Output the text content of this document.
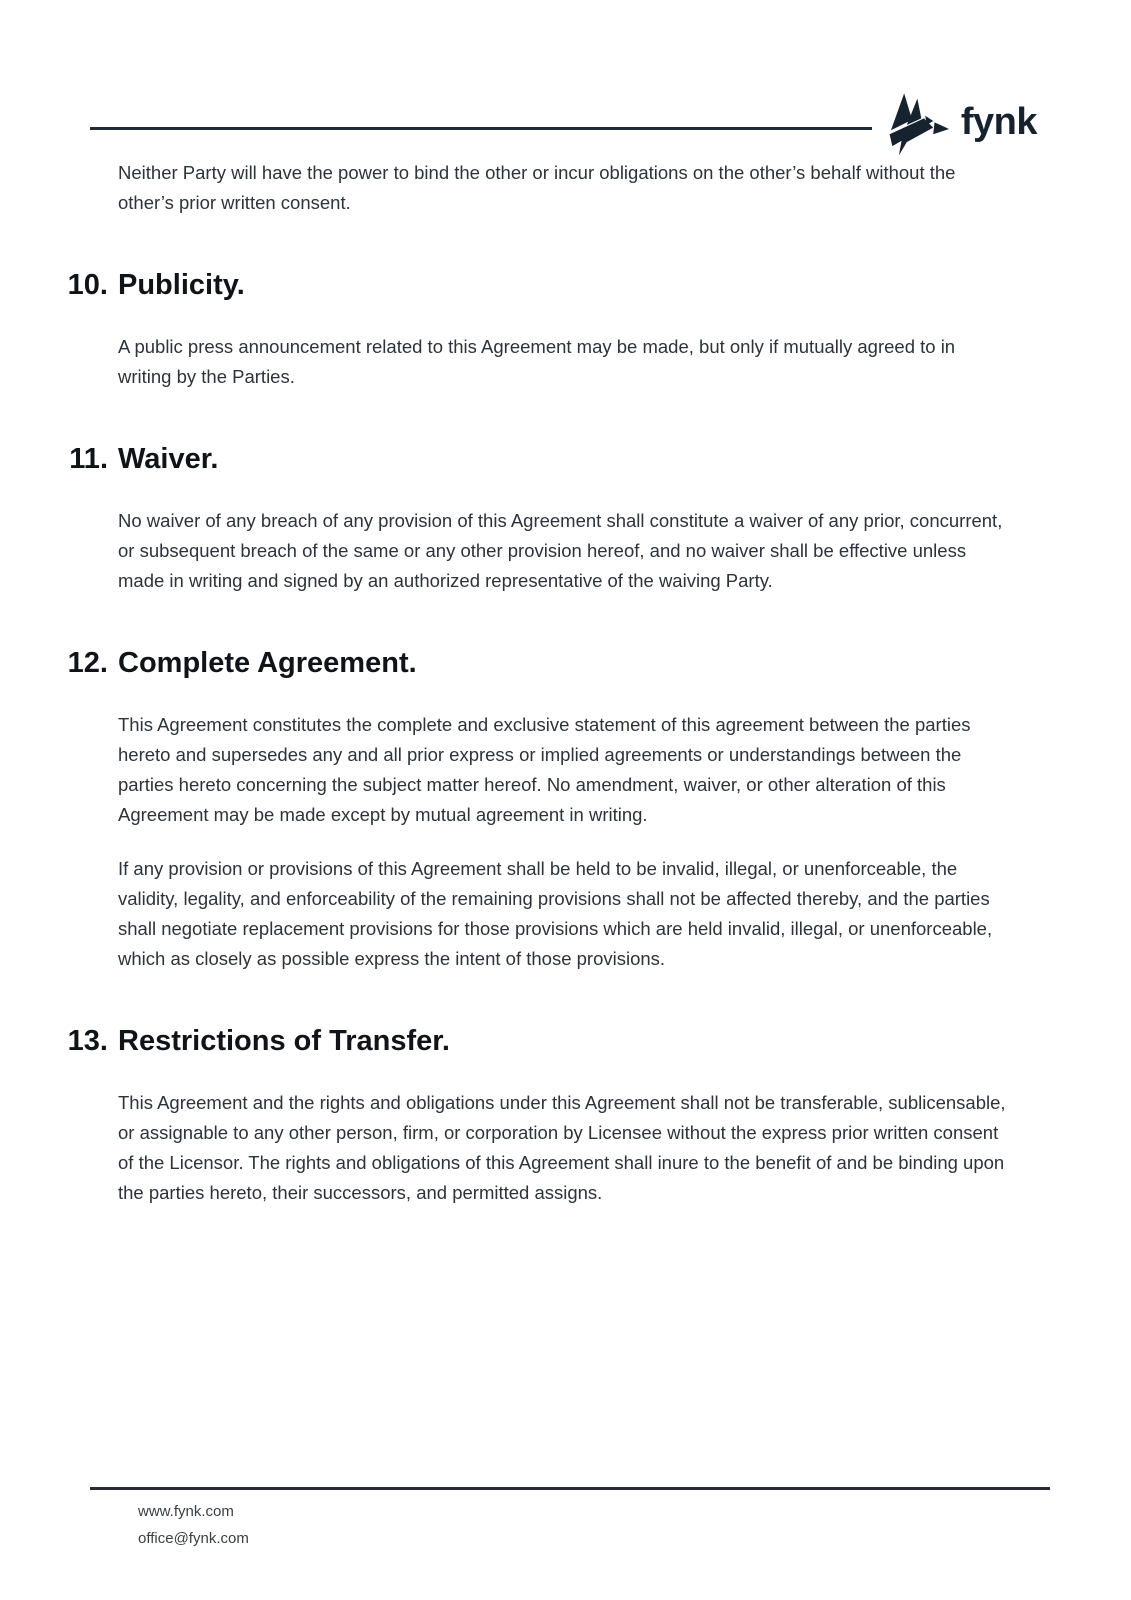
fynk

Neither Party will have the power to bind the other or incur obligations on the other’s behalf without the other’s prior written consent.

10. Publicity.

A public press announcement related to this Agreement may be made, but only if mutually agreed to in writing by the Parties.

11. Waiver.

No waiver of any breach of any provision of this Agreement shall constitute a waiver of any prior, concurrent, or subsequent breach of the same or any other provision hereof, and no waiver shall be effective unless made in writing and signed by an authorized representative of the waiving Party.

12. Complete Agreement.

This Agreement constitutes the complete and exclusive statement of this agreement between the parties hereto and supersedes any and all prior express or implied agreements or understandings between the parties hereto concerning the subject matter hereof. No amendment, waiver, or other alteration of this Agreement may be made except by mutual agreement in writing.

If any provision or provisions of this Agreement shall be held to be invalid, illegal, or unenforceable, the validity, legality, and enforceability of the remaining provisions shall not be affected thereby, and the parties shall negotiate replacement provisions for those provisions which are held invalid, illegal, or unenforceable, which as closely as possible express the intent of those provisions.

13. Restrictions of Transfer.

This Agreement and the rights and obligations under this Agreement shall not be transferable, sublicensable, or assignable to any other person, firm, or corporation by Licensee without the express prior written consent of the Licensor. The rights and obligations of this Agreement shall inure to the benefit of and be binding upon the parties hereto, their successors, and permitted assigns.

www.fynk.com
office@fynk.com
